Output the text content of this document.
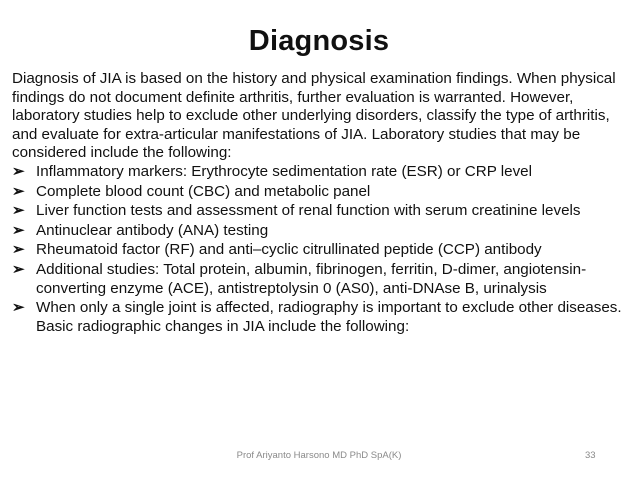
Diagnosis

Diagnosis of JIA is based on the history and physical examination findings. When physical findings do not document definite arthritis, further evaluation is warranted. However, laboratory studies help to exclude other underlying disorders, classify the type of arthritis, and evaluate for extra-articular manifestations of JIA. Laboratory studies that may be considered include the following:

➢ Inflammatory markers: Erythrocyte sedimentation rate (ESR) or CRP level
➢ Complete blood count (CBC) and metabolic panel
➢ Liver function tests and assessment of renal function with serum creatinine levels
➢ Antinuclear antibody (ANA) testing
➢ Rheumatoid factor (RF) and anti–cyclic citrullinated peptide (CCP) antibody
➢ Additional studies: Total protein, albumin, fibrinogen, ferritin, D-dimer, angiotensin-converting enzyme (ACE), antistreptolysin 0 (AS0), anti-DNAse B, urinalysis
➢ When only a single joint is affected, radiography is important to exclude other diseases. Basic radiographic changes in JIA include the following:
Prof Ariyanto Harsono MD PhD SpA(K)	33
